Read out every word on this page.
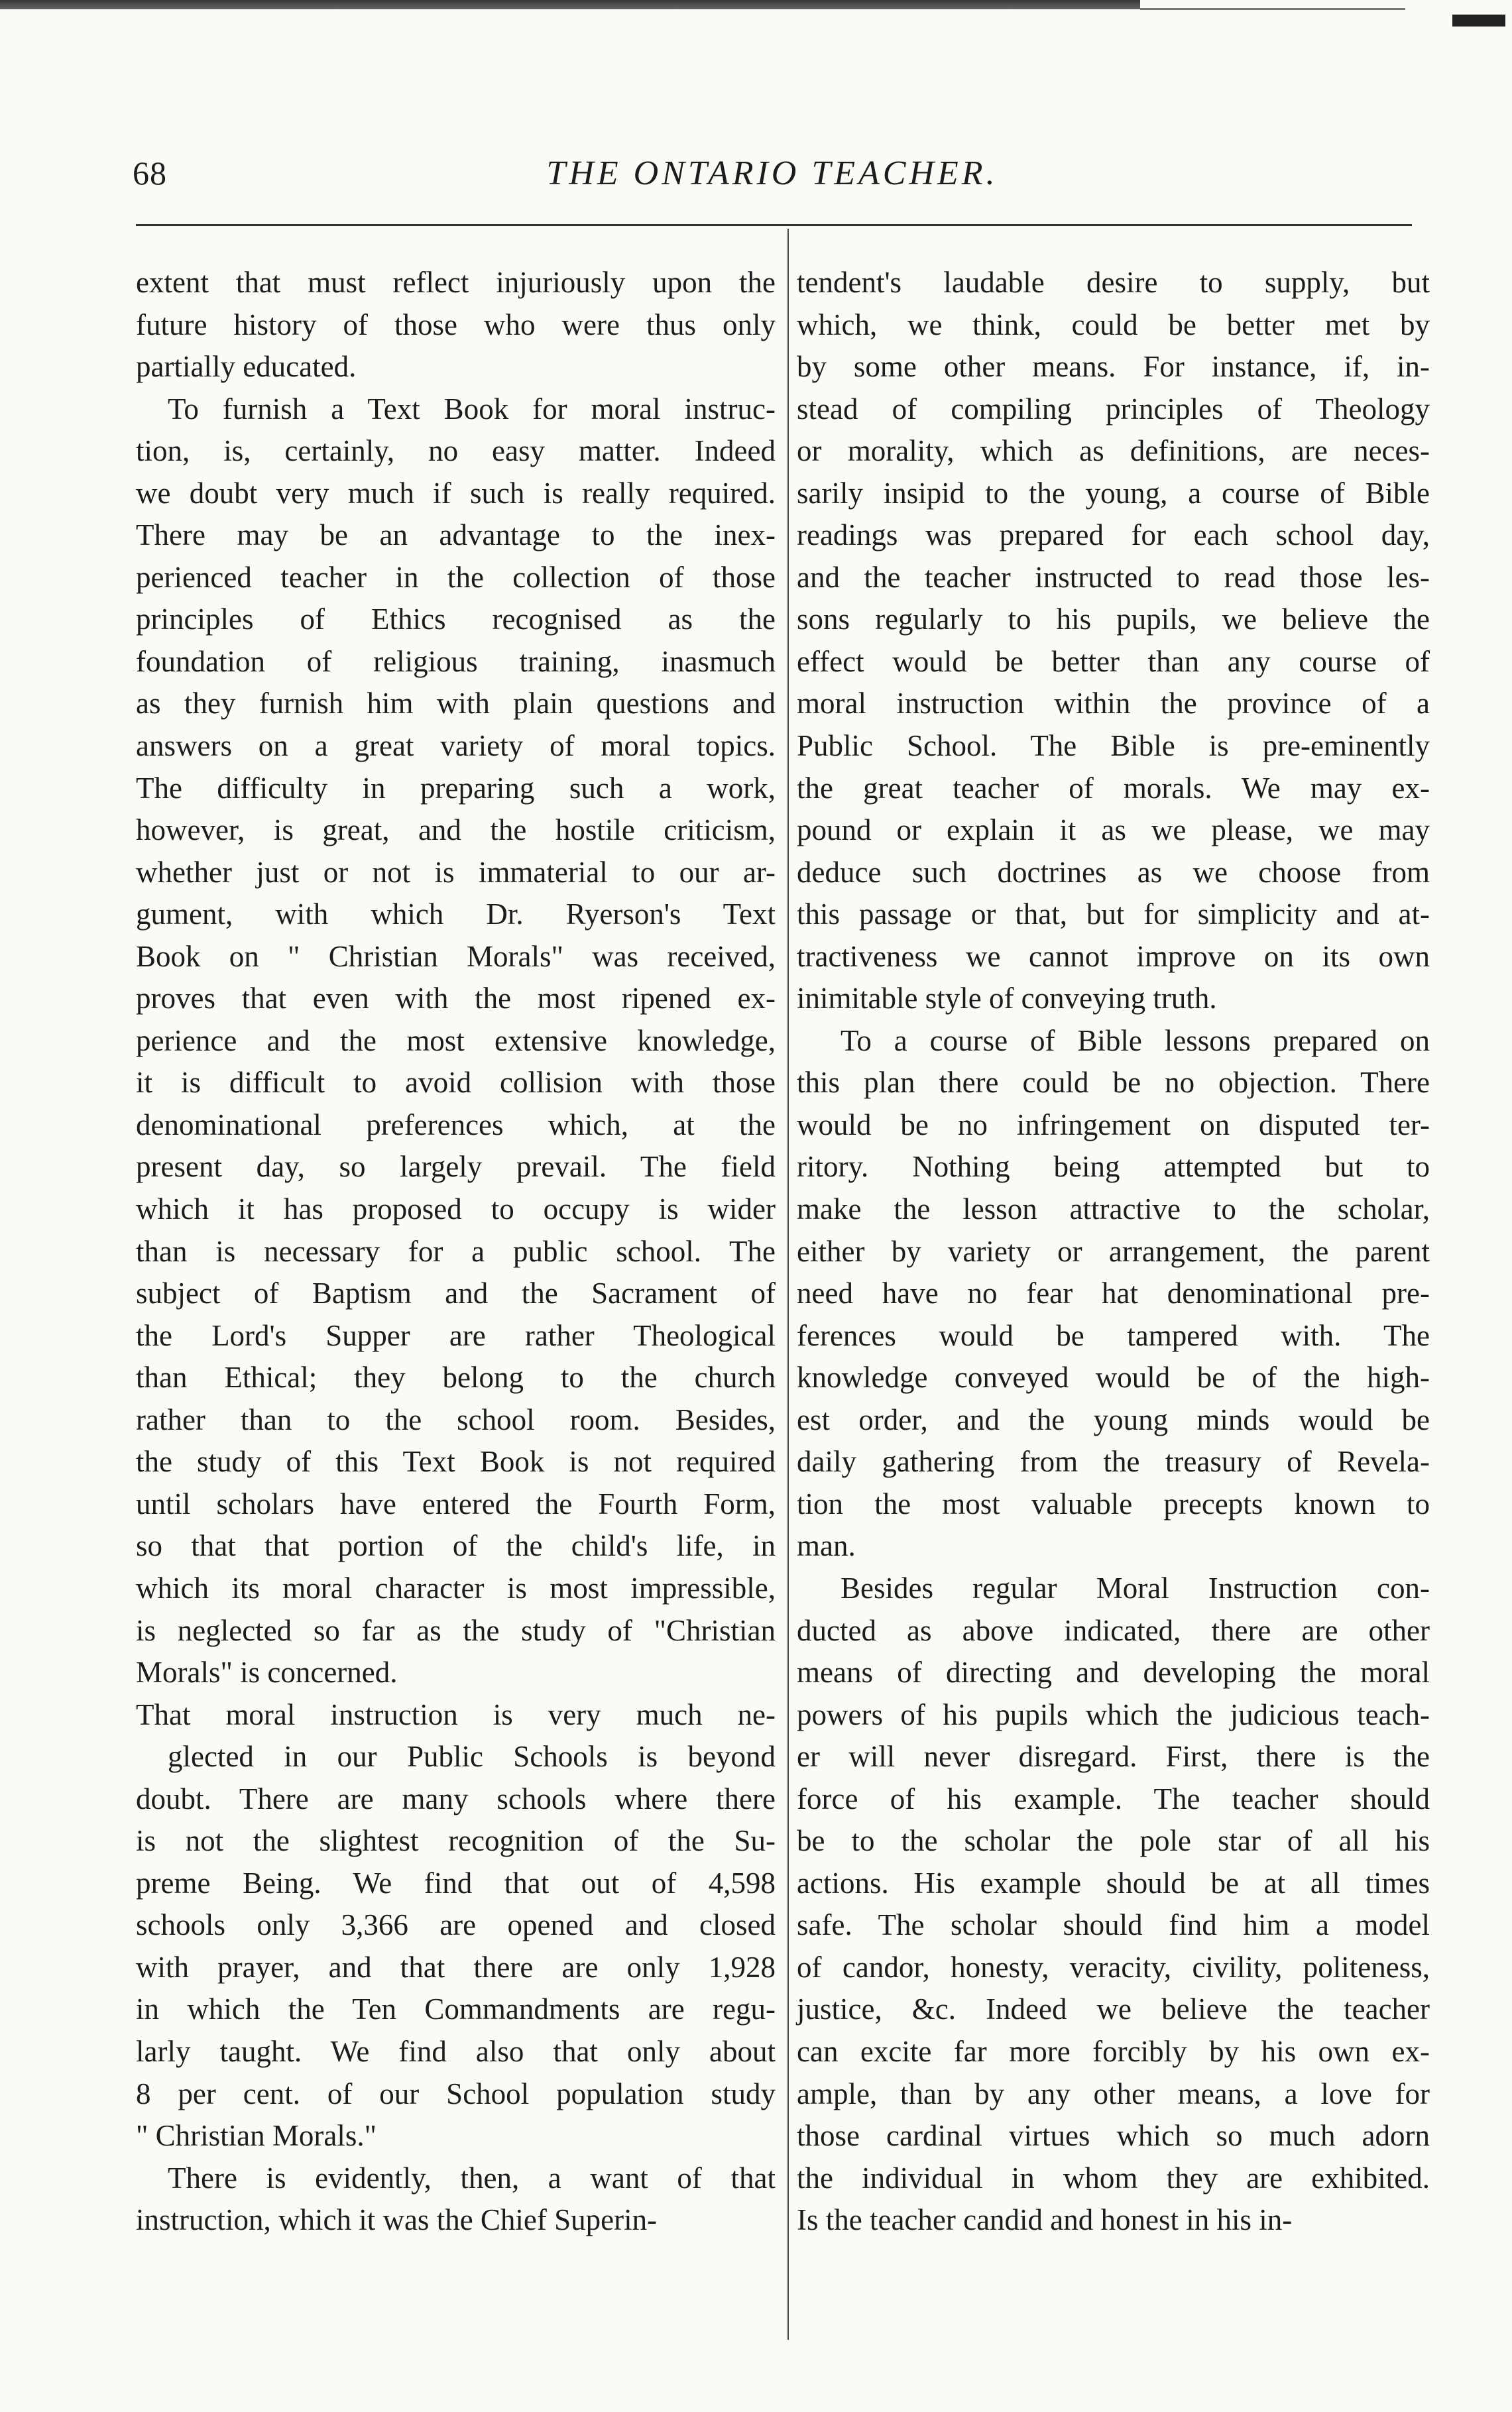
68	THE ONTARIO TEACHER.
extent that must reflect injuriously upon the
future history of those who were thus only
partially educated.
To furnish a Text Book for moral instruc-
tion, is, certainly, no easy matter. Indeed
we doubt very much if such is really required.
There may be an advantage to the inex-
perienced teacher in the collection of those
principles of Ethics recognised as the
foundation of religious training, inasmuch
as they furnish him with plain questions and
answers on a great variety of moral topics.
The difficulty in preparing such a work,
however, is great, and the hostile criticism,
whether just or not is immaterial to our ar-
gument, with which Dr. Ryerson's Text
Book on " Christian Morals" was received,
proves that even with the most ripened ex-
perience and the most extensive knowledge,
it is difficult to avoid collision with those
denominational preferences which, at the
present day, so largely prevail. The field
which it has proposed to occupy is wider
than is necessary for a public school. The
subject of Baptism and the Sacrament of
the Lord's Supper are rather Theological
than Ethical; they belong to the church
rather than to the school room. Besides,
the study of this Text Book is not required
until scholars have entered the Fourth Form,
so that that portion of the child's life, in
which its moral character is most impressible,
is neglected so far as the study of "Christian
Morals" is concerned.
That moral instruction is very much ne-
glected in our Public Schools is beyond
doubt. There are many schools where there
is not the slightest recognition of the Su-
preme Being. We find that out of 4,598
schools only 3,366 are opened and closed
with prayer, and that there are only 1,928
in which the Ten Commandments are regu-
larly taught. We find also that only about
8 per cent. of our School population study
" Christian Morals."
There is evidently, then, a want of that
instruction, which it was the Chief Superin-
tendent's laudable desire to supply, but
which, we think, could be better met by
by some other means. For instance, if, in-
stead of compiling principles of Theology
or morality, which as definitions, are neces-
sarily insipid to the young, a course of Bible
readings was prepared for each school day,
and the teacher instructed to read those les-
sons regularly to his pupils, we believe the
effect would be better than any course of
moral instruction within the province of a
Public School. The Bible is pre-eminently
the great teacher of morals. We may ex-
pound or explain it as we please, we may
deduce such doctrines as we choose from
this passage or that, but for simplicity and at-
tractiveness we cannot improve on its own
inimitable style of conveying truth.
To a course of Bible lessons prepared on
this plan there could be no objection. There
would be no infringement on disputed ter-
ritory. Nothing being attempted but to
make the lesson attractive to the scholar,
either by variety or arrangement, the parent
need have no fear hat denominational pre-
ferences would be tampered with. The
knowledge conveyed would be of the high-
est order, and the young minds would be
daily gathering from the treasury of Revela-
tion the most valuable precepts known to
man.
Besides regular Moral Instruction con-
ducted as above indicated, there are other
means of directing and developing the moral
powers of his pupils which the judicious teach-
er will never disregard. First, there is the
force of his example. The teacher should
be to the scholar the pole star of all his
actions. His example should be at all times
safe. The scholar should find him a model
of candor, honesty, veracity, civility, politeness,
justice, &c. Indeed we believe the teacher
can excite far more forcibly by his own ex-
ample, than by any other means, a love for
those cardinal virtues which so much adorn
the individual in whom they are exhibited.
Is the teacher candid and honest in his in-
